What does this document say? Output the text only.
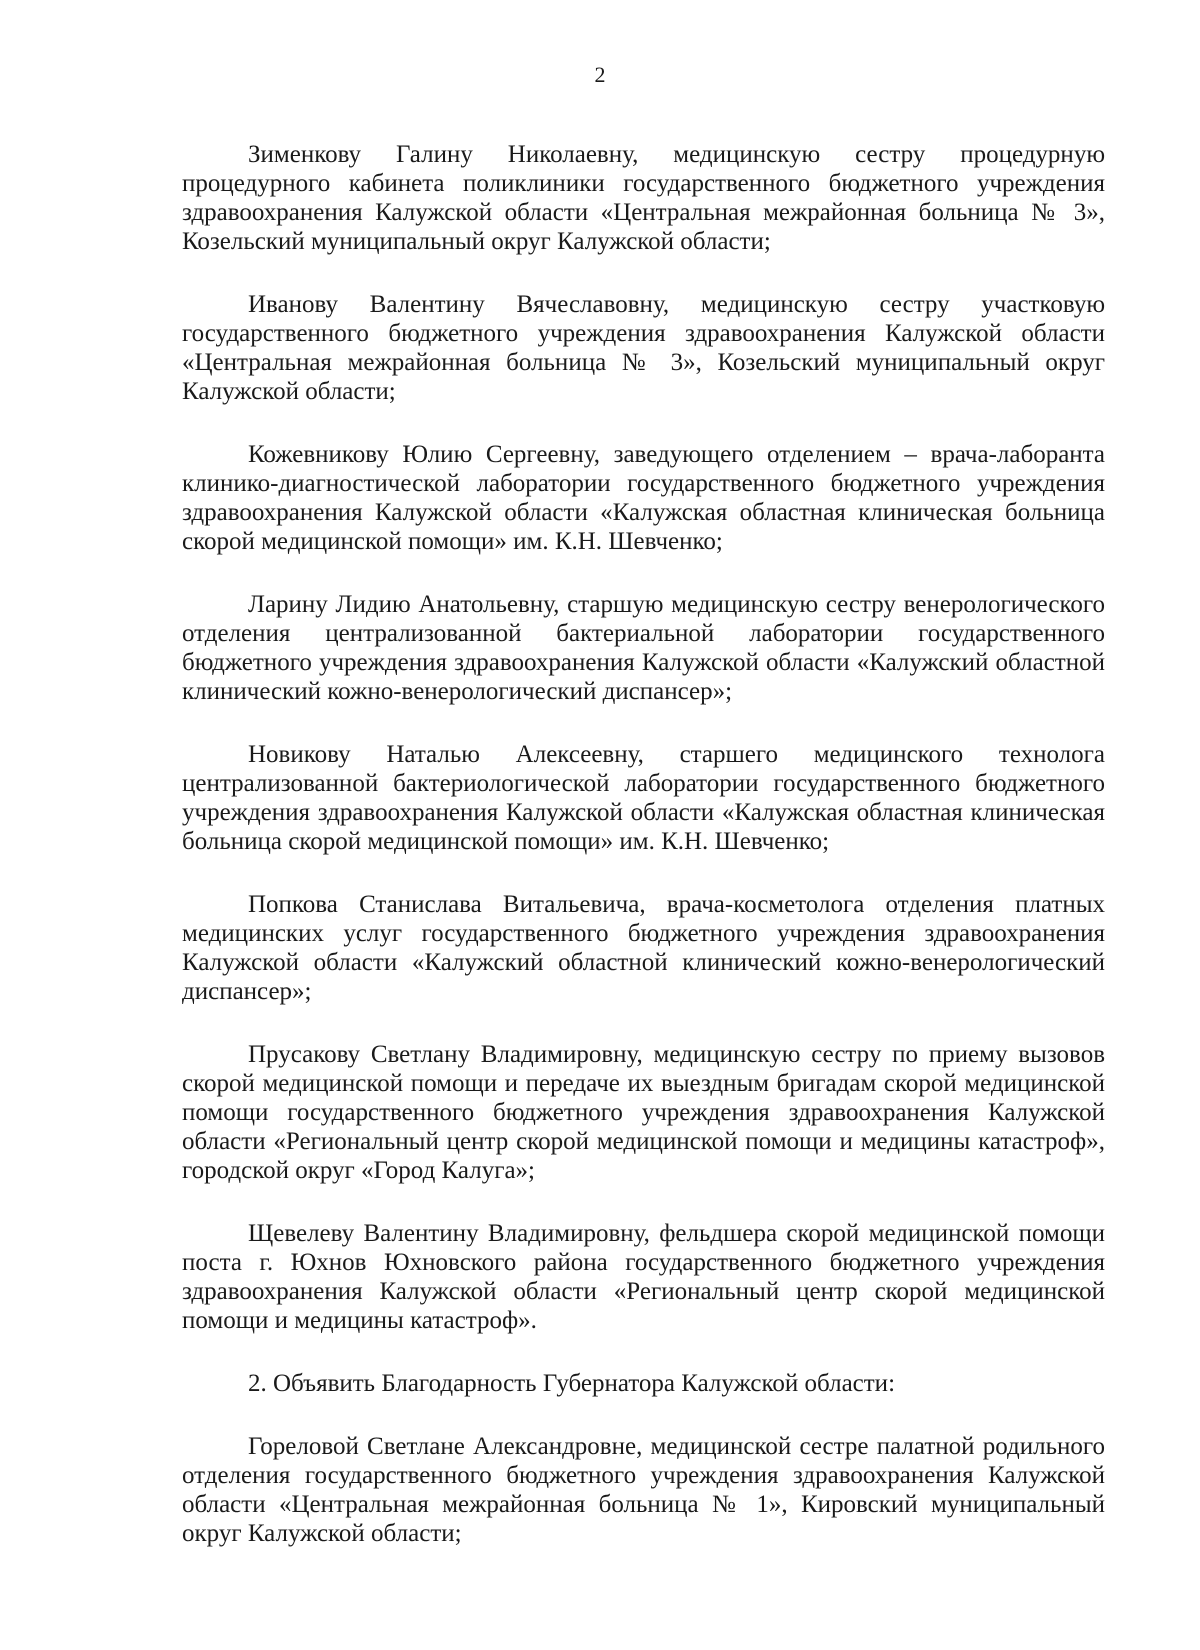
2

Зименкову Галину Николаевну, медицинскую сестру процедурную процедурного кабинета поликлиники государственного бюджетного учреждения здравоохранения Калужской области «Центральная межрайонная больница № 3», Козельский муниципальный округ Калужской области;

Иванову Валентину Вячеславовну, медицинскую сестру участковую государственного бюджетного учреждения здравоохранения Калужской области «Центральная межрайонная больница № 3», Козельский муниципальный округ Калужской области;

Кожевникову Юлию Сергеевну, заведующего отделением – врача-лаборанта клинико-диагностической лаборатории государственного бюджетного учреждения здравоохранения Калужской области «Калужская областная клиническая больница скорой медицинской помощи» им. К.Н. Шевченко;

Ларину Лидию Анатольевну, старшую медицинскую сестру венерологического отделения централизованной бактериальной лаборатории государственного бюджетного учреждения здравоохранения Калужской области «Калужский областной клинический кожно-венерологический диспансер»;

Новикову Наталью Алексеевну, старшего медицинского технолога централизованной бактериологической лаборатории государственного бюджетного учреждения здравоохранения Калужской области «Калужская областная клиническая больница скорой медицинской помощи» им. К.Н. Шевченко;

Попкова Станислава Витальевича, врача-косметолога отделения платных медицинских услуг государственного бюджетного учреждения здравоохранения Калужской области «Калужский областной клинический кожно-венерологический диспансер»;

Прусакову Светлану Владимировну, медицинскую сестру по приему вызовов скорой медицинской помощи и передаче их выездным бригадам скорой медицинской помощи государственного бюджетного учреждения здравоохранения Калужской области «Региональный центр скорой медицинской помощи и медицины катастроф», городской округ «Город Калуга»;

Щевелеву Валентину Владимировну, фельдшера скорой медицинской помощи поста г. Юхнов Юхновского района государственного бюджетного учреждения здравоохранения Калужской области «Региональный центр скорой медицинской помощи и медицины катастроф».

2. Объявить Благодарность Губернатора Калужской области:

Гореловой Светлане Александровне, медицинской сестре палатной родильного отделения государственного бюджетного учреждения здравоохранения Калужской области «Центральная межрайонная больница № 1», Кировский муниципальный округ Калужской области;
